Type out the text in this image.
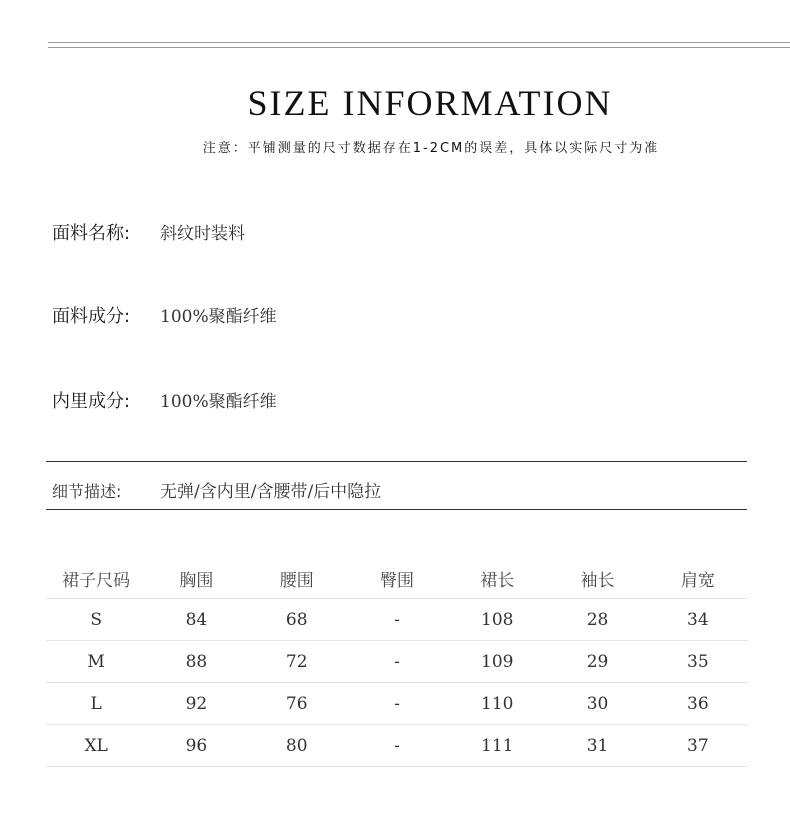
SIZE INFORMATION
注意：平铺测量的尺寸数据存在1-2CM的误差，具体以实际尺寸为准
面料名称: 斜纹时装料
面料成分: 100%聚酯纤维
内里成分: 100%聚酯纤维
细节描述: 无弹/含内里/含腰带/后中隐拉
裙子尺码	胸围	腰围	臀围	裙长	袖长	肩宽
S	84	68	-	108	28	34
M	88	72	-	109	29	35
L	92	76	-	110	30	36
XL	96	80	-	111	31	37
